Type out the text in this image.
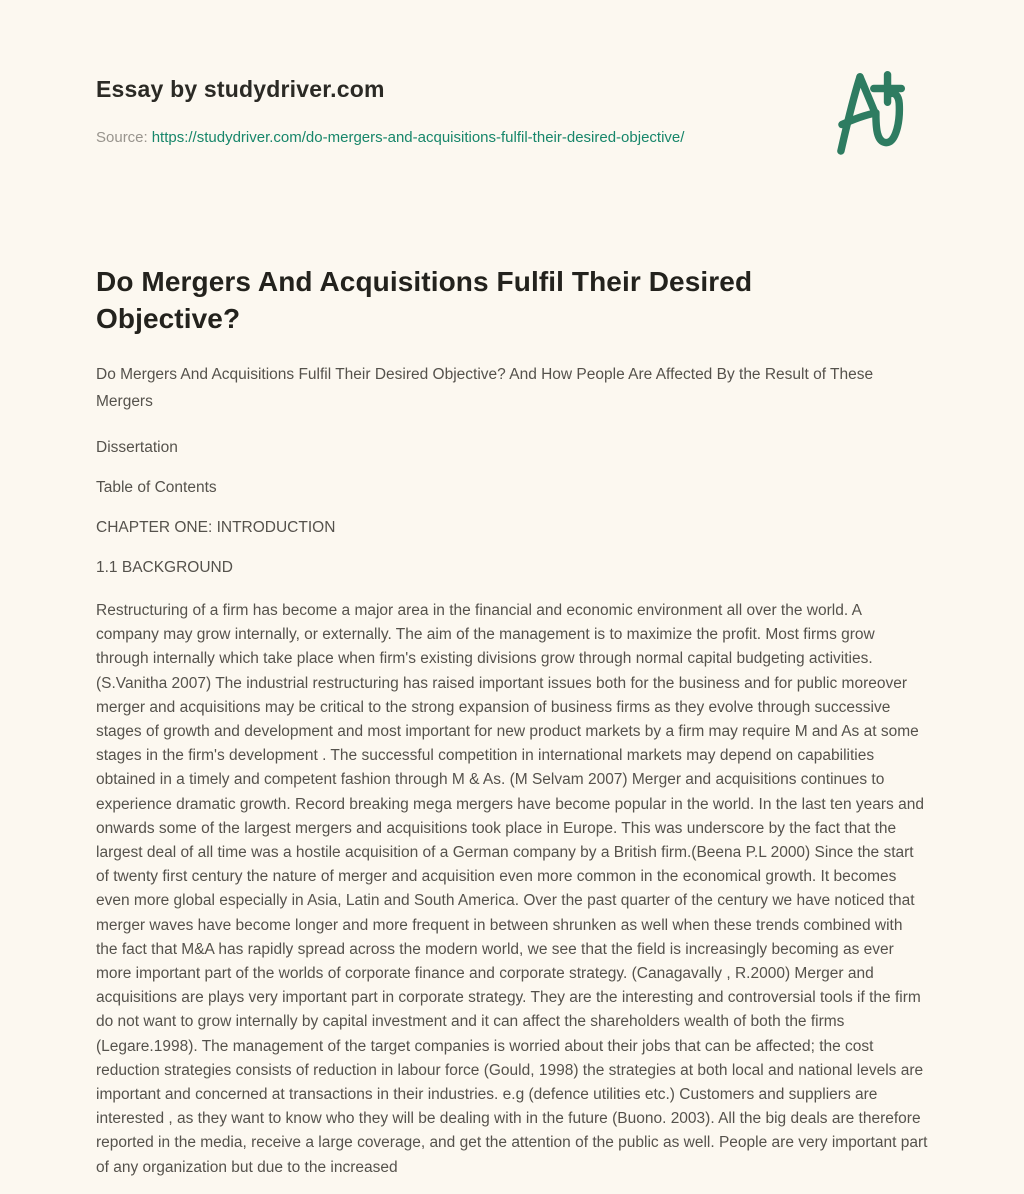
Essay by studydriver.com
Source: https://studydriver.com/do-mergers-and-acquisitions-fulfil-their-desired-objective/
Do Mergers And Acquisitions Fulfil Their Desired Objective?

Do Mergers And Acquisitions Fulfil Their Desired Objective? And How People Are Affected By the Result of These Mergers

Dissertation

Table of Contents

CHAPTER ONE: INTRODUCTION

1.1 BACKGROUND

Restructuring of a firm has become a major area in the financial and economic environment all over the world. A company may grow internally, or externally. The aim of the management is to maximize the profit. Most firms grow through internally which take place when firm's existing divisions grow through normal capital budgeting activities.(S.Vanitha 2007) The industrial restructuring has raised important issues both for the business and for public moreover merger and acquisitions may be critical to the strong expansion of business firms as they evolve through successive stages of growth and development and most important for new product markets by a firm may require M and As at some stages in the firm's development . The successful competition in international markets may depend on capabilities obtained in a timely and competent fashion through M & As. (M Selvam 2007) Merger and acquisitions continues to experience dramatic growth. Record breaking mega mergers have become popular in the world. In the last ten years and onwards some of the largest mergers and acquisitions took place in Europe. This was underscore by the fact that the largest deal of all time was a hostile acquisition of a German company by a British firm.(Beena P.L 2000) Since the start of twenty first century the nature of merger and acquisition even more common in the economical growth. It becomes even more global especially in Asia, Latin and South America. Over the past quarter of the century we have noticed that merger waves have become longer and more frequent in between shrunken as well when these trends combined with the fact that M&A has rapidly spread across the modern world, we see that the field is increasingly becoming as ever more important part of the worlds of corporate finance and corporate strategy. (Canagavally , R.2000) Merger and acquisitions are plays very important part in corporate strategy. They are the interesting and controversial tools if the firm do not want to grow internally by capital investment and it can affect the shareholders wealth of both the firms (Legare.1998). The management of the target companies is worried about their jobs that can be affected; the cost reduction strategies consists of reduction in labour force (Gould, 1998) the strategies at both local and national levels are important and concerned at transactions in their industries. e.g (defence utilities etc.) Customers and suppliers are interested , as they want to know who they will be dealing with in the future (Buono. 2003). All the big deals are therefore reported in the media, receive a large coverage, and get the attention of the public as well. People are very important part of any organization but due to the increased
